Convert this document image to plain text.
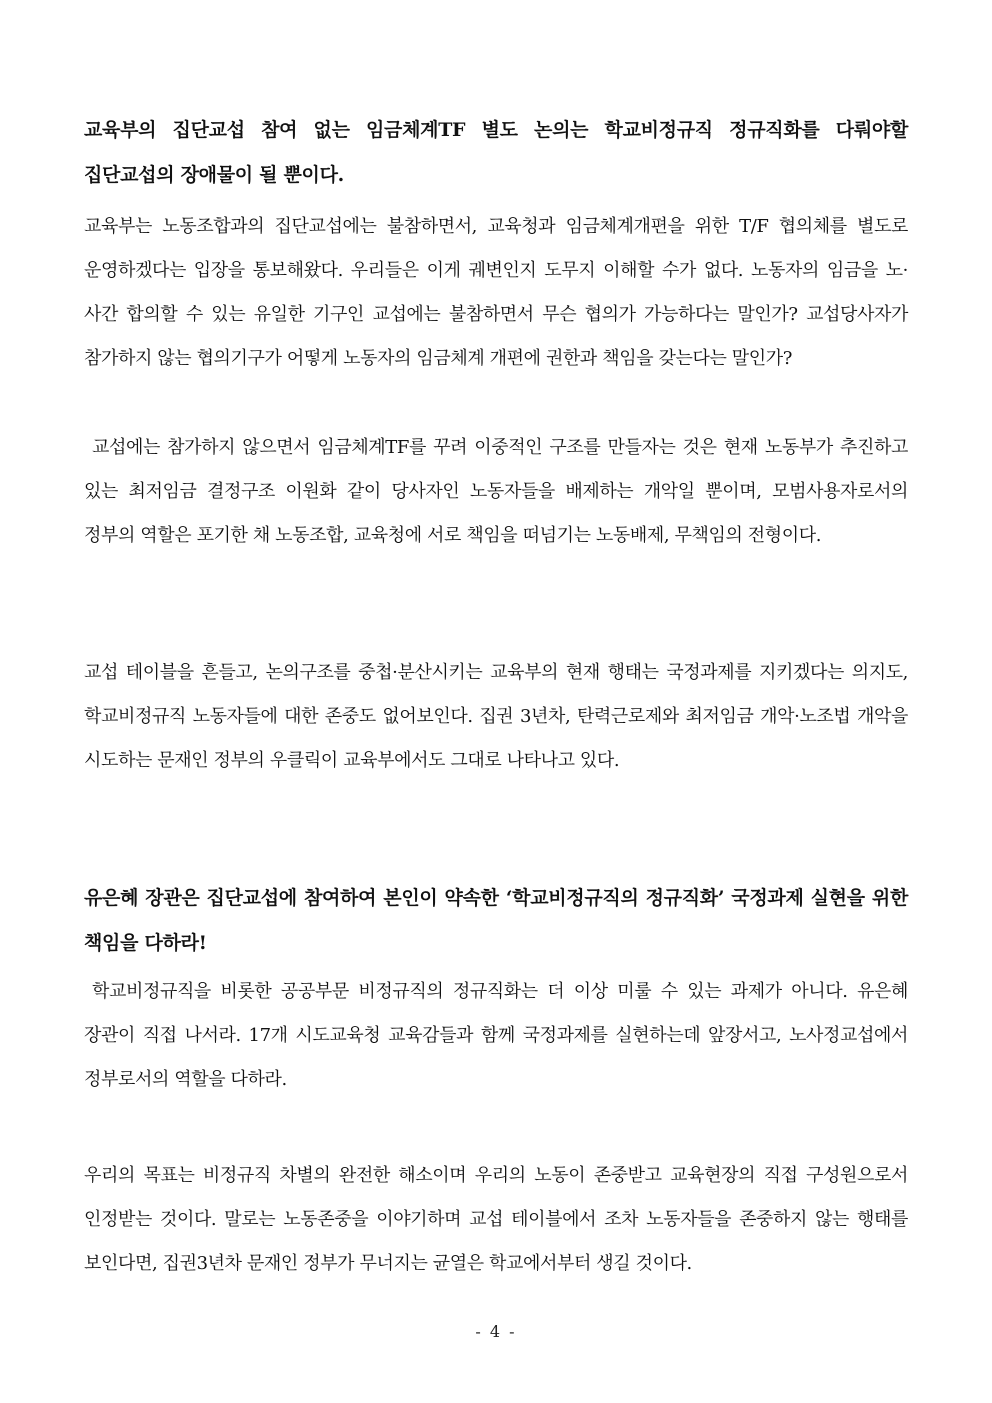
교육부의 집단교섭 참여 없는 임금체계TF 별도 논의는 학교비정규직 정규직화를 다뤄야할 집단교섭의 장애물이 될 뿐이다.

교육부는 노동조합과의 집단교섭에는 불참하면서, 교육청과 임금체계개편을 위한 T/F 협의체를 별도로 운영하겠다는 입장을 통보해왔다. 우리들은 이게 궤변인지 도무지 이해할 수가 없다. 노동자의 임금을 노·사간 합의할 수 있는 유일한 기구인 교섭에는 불참하면서 무슨 협의가 가능하다는 말인가? 교섭당사자가 참가하지 않는 협의기구가 어떻게 노동자의 임금체계 개편에 권한과 책임을 갖는다는 말인가?

교섭에는 참가하지 않으면서 임금체계TF를 꾸려 이중적인 구조를 만들자는 것은 현재 노동부가 추진하고 있는 최저임금 결정구조 이원화 같이 당사자인 노동자들을 배제하는 개악일 뿐이며, 모범사용자로서의 정부의 역할은 포기한 채 노동조합, 교육청에 서로 책임을 떠넘기는 노동배제, 무책임의 전형이다.

교섭 테이블을 흔들고, 논의구조를 중첩·분산시키는 교육부의 현재 행태는 국정과제를 지키겠다는 의지도, 학교비정규직 노동자들에 대한 존중도 없어보인다. 집권 3년차, 탄력근로제와 최저임금 개악·노조법 개악을 시도하는 문재인 정부의 우클릭이 교육부에서도 그대로 나타나고 있다.

유은혜 장관은 집단교섭에 참여하여 본인이 약속한 ‘학교비정규직의 정규직화’ 국정과제 실현을 위한 책임을 다하라!

학교비정규직을 비롯한 공공부문 비정규직의 정규직화는 더 이상 미룰 수 있는 과제가 아니다. 유은혜 장관이 직접 나서라. 17개 시도교육청 교육감들과 함께 국정과제를 실현하는데 앞장서고, 노사정교섭에서 정부로서의 역할을 다하라.

우리의 목표는 비정규직 차별의 완전한 해소이며 우리의 노동이 존중받고 교육현장의 직접 구성원으로서 인정받는 것이다. 말로는 노동존중을 이야기하며 교섭 테이블에서 조차 노동자들을 존중하지 않는 행태를 보인다면, 집권3년차 문재인 정부가 무너지는 균열은 학교에서부터 생길 것이다.

- 4 -
